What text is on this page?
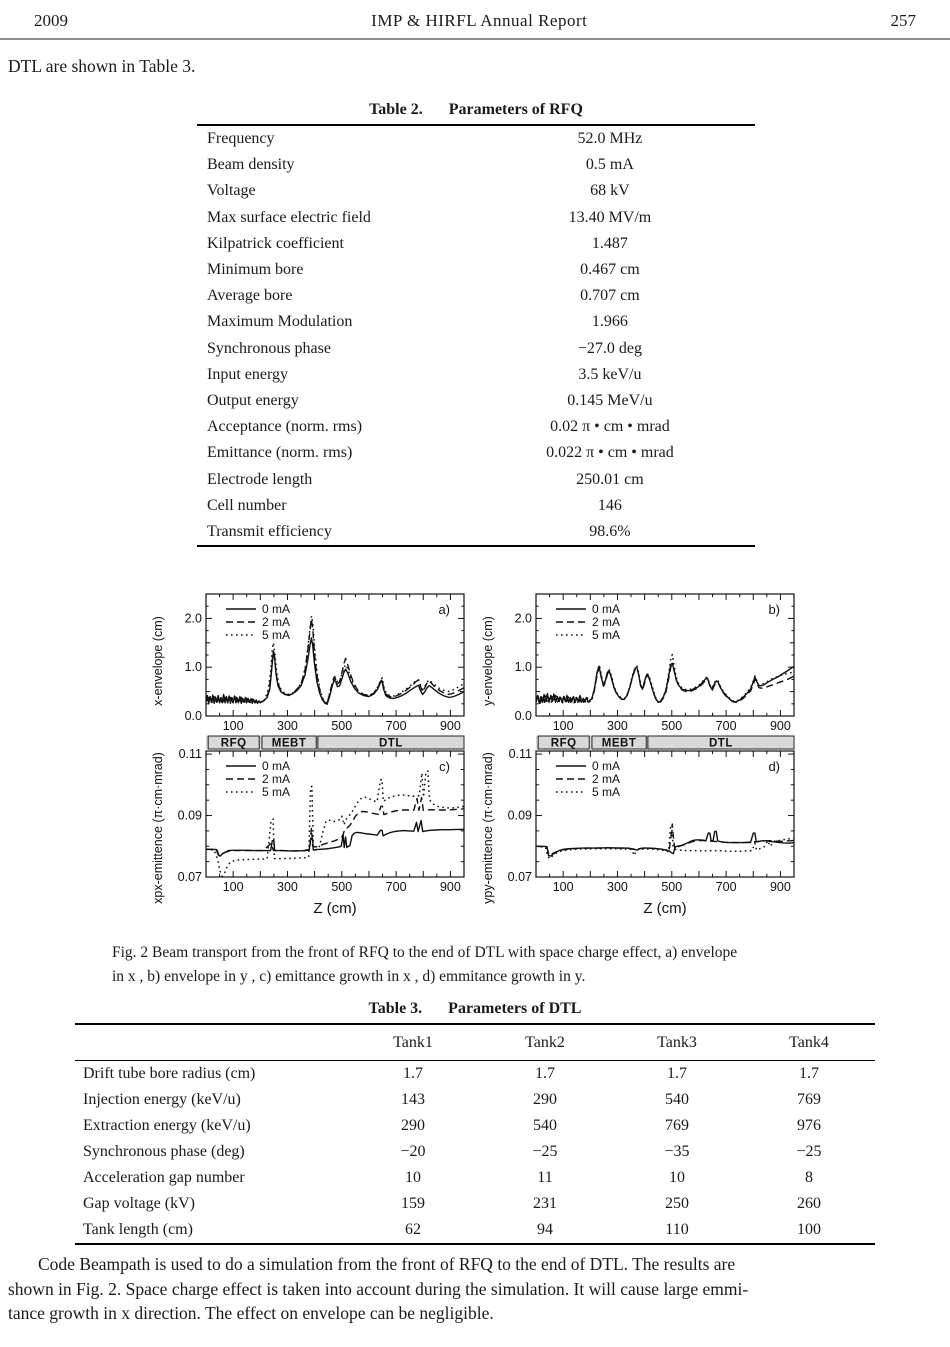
2009	IMP & HIRFL Annual Report	257

DTL are shown in Table 3.

Table 2. Parameters of RFQ
Frequency	52.0 MHz
Beam density	0.5 mA
Voltage	68 kV
Max surface electric field	13.40 MV/m
Kilpatrick coefficient	1.487
Minimum bore	0.467 cm
Average bore	0.707 cm
Maximum Modulation	1.966
Synchronous phase	−27.0 deg
Input energy	3.5 keV/u
Output energy	0.145 MeV/u
Acceptance (norm. rms)	0.02 π • cm • mrad
Emittance (norm. rms)	0.022 π • cm • mrad
Electrode length	250.01 cm
Cell number	146
Transmit efficiency	98.6%
x-envelope (cm)
100	300	500	700	900
0.0
1.0
2.0
0 mA
2 mA
5 mA
a)
y-envelope (cm)
100	300	500	700	900
0.0
1.0
2.0
0 mA
2 mA
5 mA
b)
xpx-emittence (π·cm·mrad)
RFQ MEBT	DTL
100	300	500	700	900
0.07
0.09
0.11
0 mA
2 mA
5 mA
c)
Z (cm)
ypy-emittence (π·cm·mrad)
RFQ MEBT	DTL
100	300	500	700	900
0.07
0.09
0.11
0 mA
2 mA
5 mA
d)
Z (cm)
Fig. 2 Beam transport from the front of RFQ to the end of DTL with space charge effect, a) envelope
in x , b) envelope in y , c) emittance growth in x , d) emmitance growth in y.
Table 3. Parameters of DTL
	Tank1	Tank2	Tank3	Tank4
Drift tube bore radius (cm)	1.7	1.7	1.7	1.7
Injection energy (keV/u)	143	290	540	769
Extraction energy (keV/u)	290	540	769	976
Synchronous phase (deg)	−20	−25	−35	−25
Acceleration gap number	10	11	10	8
Gap voltage (kV)	159	231	250	260
Tank length (cm)	62	94	110	100

Code Beampath is used to do a simulation from the front of RFQ to the end of DTL. The results are
shown in Fig. 2. Space charge effect is taken into account during the simulation. It will cause large emmi-
tance growth in x direction. The effect on envelope can be negligible.
